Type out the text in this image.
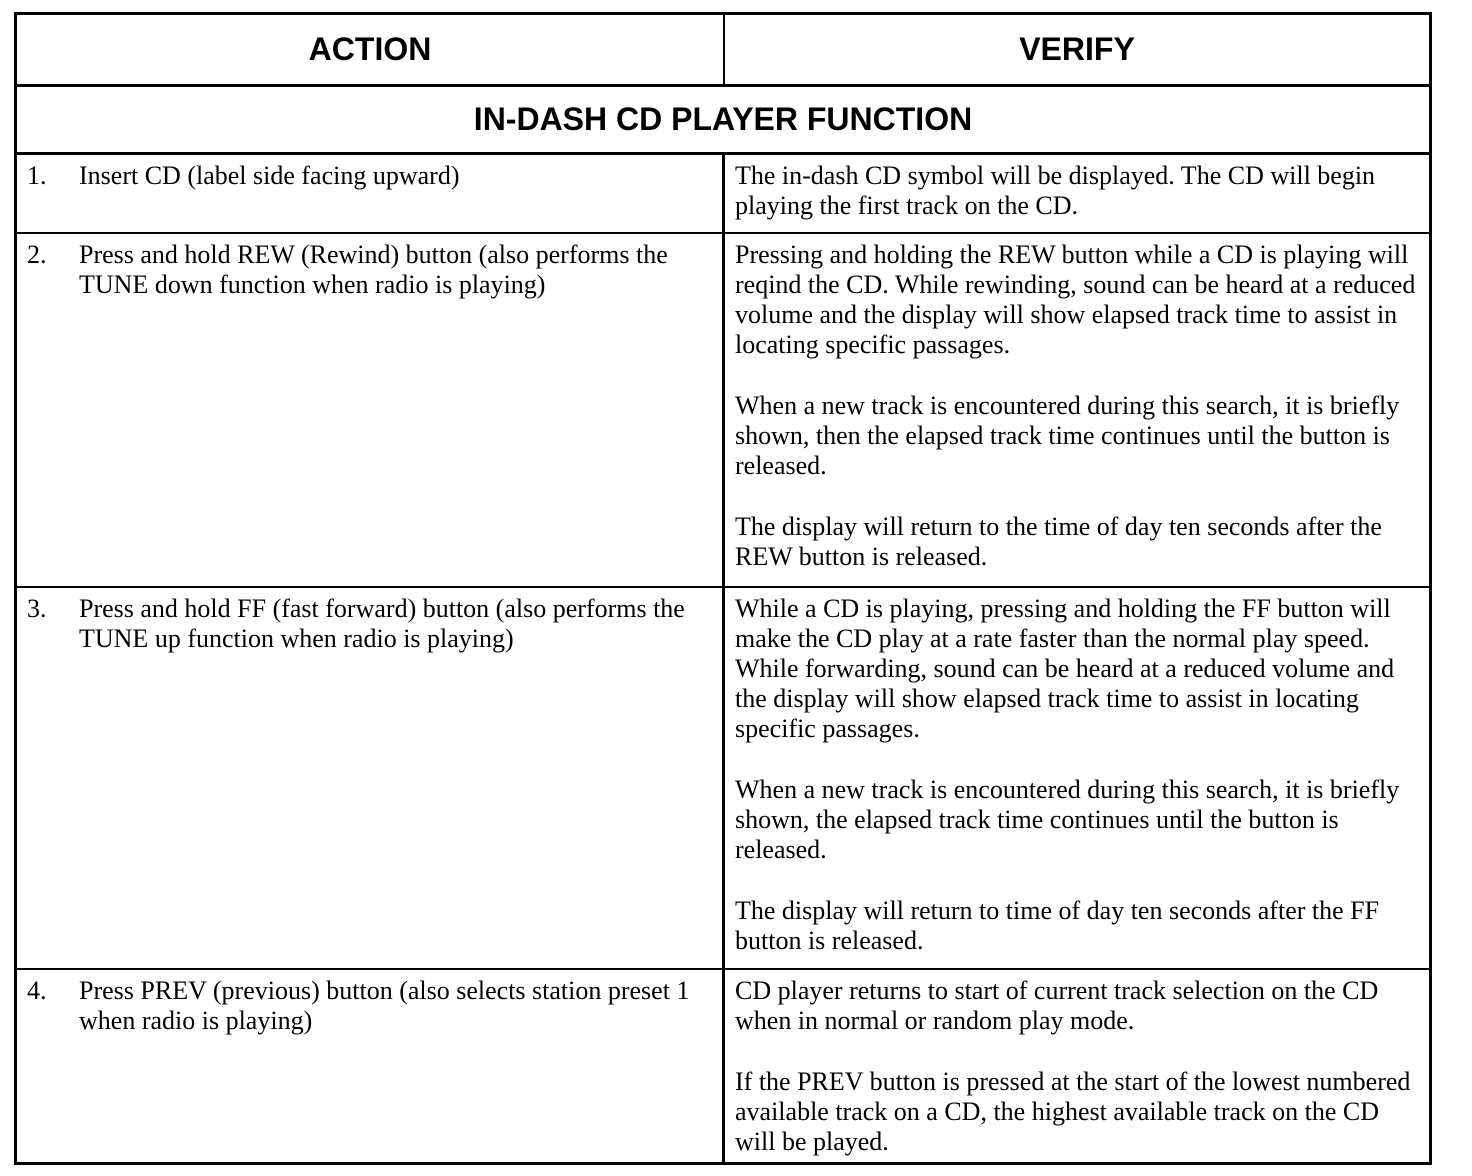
ACTION	VERIFY
IN-DASH CD PLAYER FUNCTION
1. Insert CD (label side facing upward)	The in-dash CD symbol will be displayed. The CD will begin playing the first track on the CD.

2. Press and hold REW (Rewind) button (also performs the TUNE down function when radio is playing)

Pressing and holding the REW button while a CD is playing will reqind the CD. While rewinding, sound can be heard at a reduced volume and the display will show elapsed track time to assist in locating specific passages.

When a new track is encountered during this search, it is briefly shown, then the elapsed track time continues until the button is released.

The display will return to the time of day ten seconds after the REW button is released.

3. Press and hold FF (fast forward) button (also performs the TUNE up function when radio is playing)

While a CD is playing, pressing and holding the FF button will make the CD play at a rate faster than the normal play speed. While forwarding, sound can be heard at a reduced volume and the display will show elapsed track time to assist in locating specific passages.

When a new track is encountered during this search, it is briefly shown, the elapsed track time continues until the button is released.

The display will return to time of day ten seconds after the FF button is released.

4. Press PREV (previous) button (also selects station preset 1 when radio is playing)

CD player returns to start of current track selection on the CD when in normal or random play mode.

If the PREV button is pressed at the start of the lowest numbered available track on a CD, the highest available track on the CD will be played.
